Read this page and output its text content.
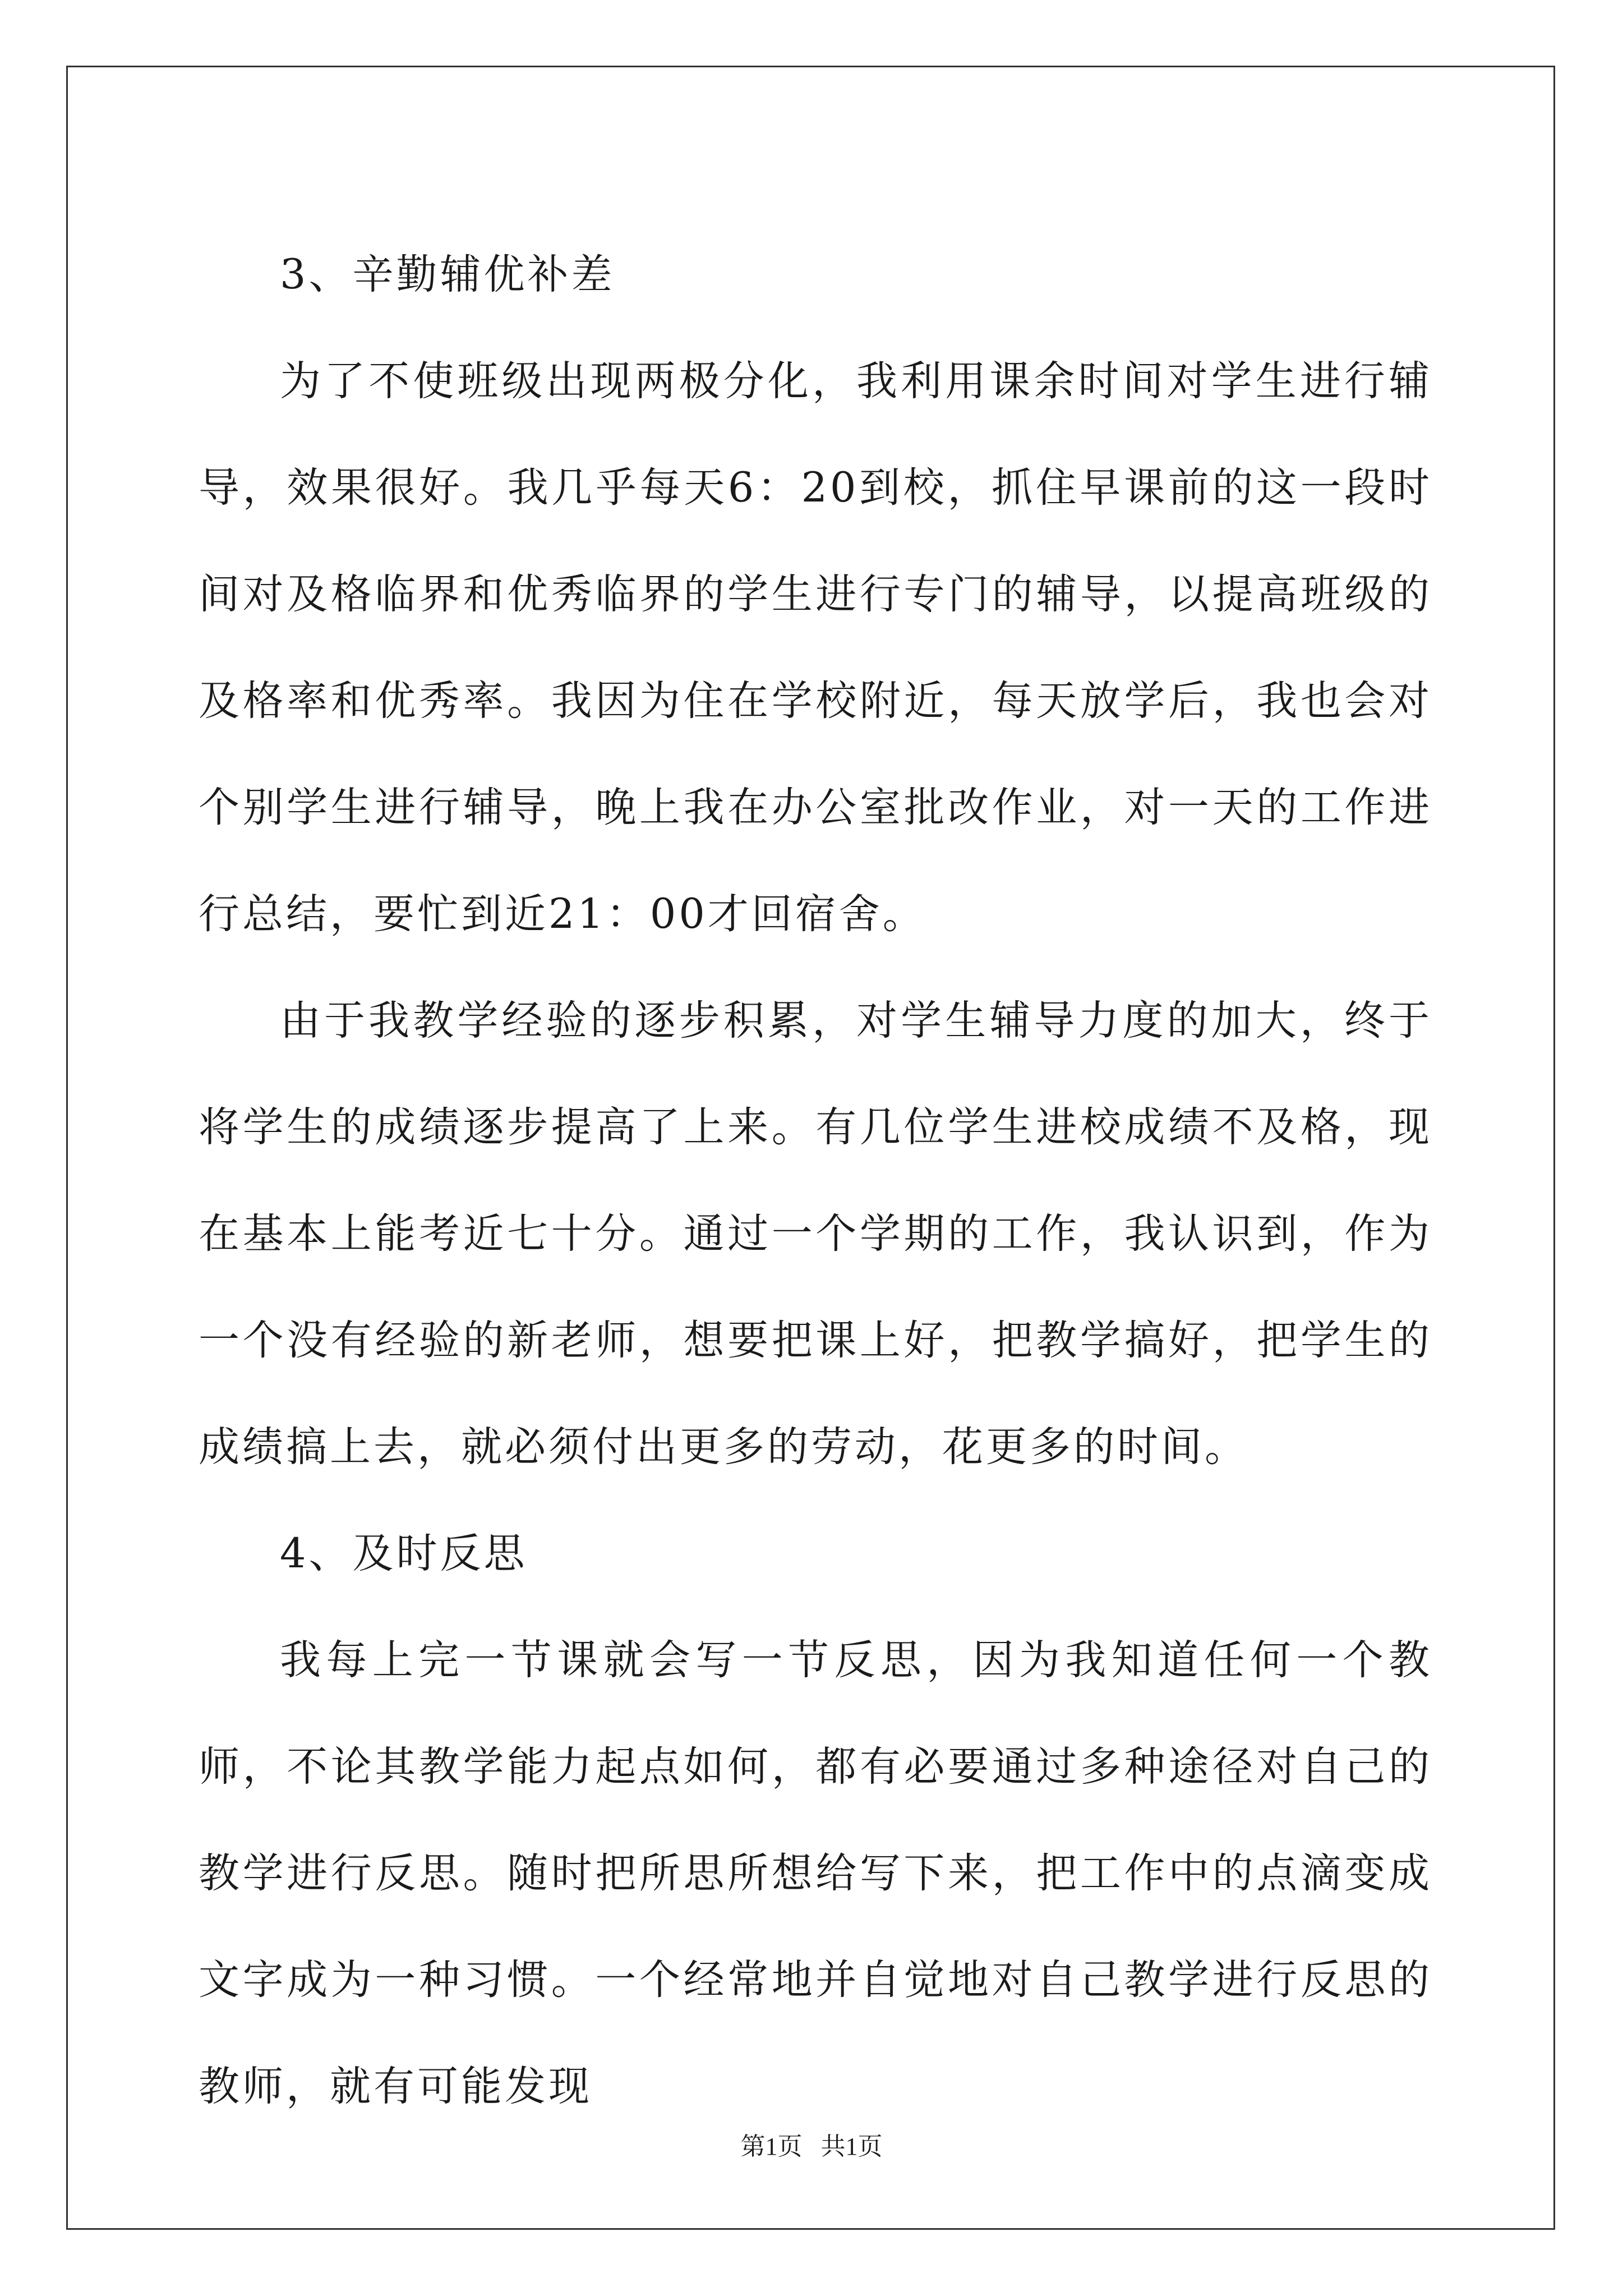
3、辛勤辅优补差

为了不使班级出现两极分化，我利用课余时间对学生进行辅导，效果很好。我几乎每天6：20到校，抓住早课前的这一段时间对及格临界和优秀临界的学生进行专门的辅导，以提高班级的及格率和优秀率。我因为住在学校附近，每天放学后，我也会对个别学生进行辅导，晚上我在办公室批改作业，对一天的工作进行总结，要忙到近21：00才回宿舍。

由于我教学经验的逐步积累，对学生辅导力度的加大，终于将学生的成绩逐步提高了上来。有几位学生进校成绩不及格，现在基本上能考近七十分。通过一个学期的工作，我认识到，作为一个没有经验的新老师，想要把课上好，把教学搞好，把学生的成绩搞上去，就必须付出更多的劳动，花更多的时间。

4、及时反思

我每上完一节课就会写一节反思，因为我知道任何一个教师，不论其教学能力起点如何，都有必要通过多种途径对自己的教学进行反思。随时把所思所想给写下来，把工作中的点滴变成文字成为一种习惯。一个经常地并自觉地对自己教学进行反思的教师，就有可能发现

第1页   共1页
